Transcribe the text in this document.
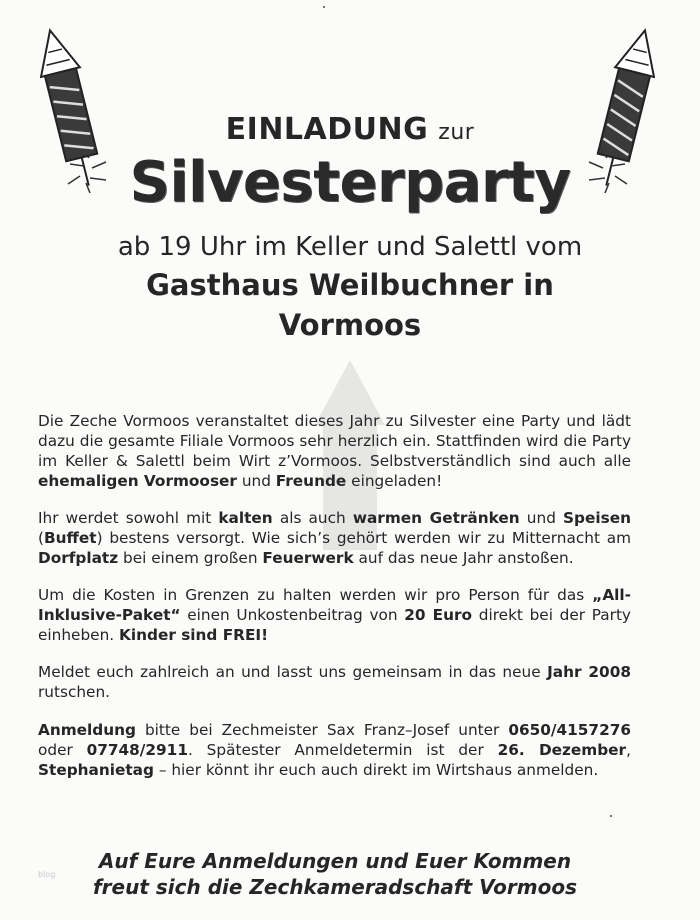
EINLADUNG zur
Silvesterparty
ab 19 Uhr im Keller und Salettl vom
Gasthaus Weilbuchner in
Vormoos
Die Zeche Vormoos veranstaltet dieses Jahr zu Silvester eine Party und lädt dazu die gesamte Filiale Vormoos sehr herzlich ein. Stattfinden wird die Party im Keller & Salettl beim Wirt z’Vormoos. Selbstverständlich sind auch alle ehemaligen Vormooser und Freunde eingeladen!
Ihr werdet sowohl mit kalten als auch warmen Getränken und Speisen (Buffet) bestens versorgt. Wie sich’s gehört werden wir zu Mitternacht am Dorfplatz bei einem großen Feuerwerk auf das neue Jahr anstoßen.
Um die Kosten in Grenzen zu halten werden wir pro Person für das „All-Inklusive-Paket“ einen Unkostenbeitrag von 20 Euro direkt bei der Party einheben. Kinder sind FREI!
Meldet euch zahlreich an und lasst uns gemeinsam in das neue Jahr 2008 rutschen.
Anmeldung bitte bei Zechmeister Sax Franz–Josef unter 0650/4157276 oder 07748/2911. Spätester Anmeldetermin ist der 26. Dezember, Stephanietag – hier könnt ihr euch auch direkt im Wirtshaus anmelden.
Auf Eure Anmeldungen und Euer Kommen
freut sich die Zechkameradschaft Vormoos
blog
